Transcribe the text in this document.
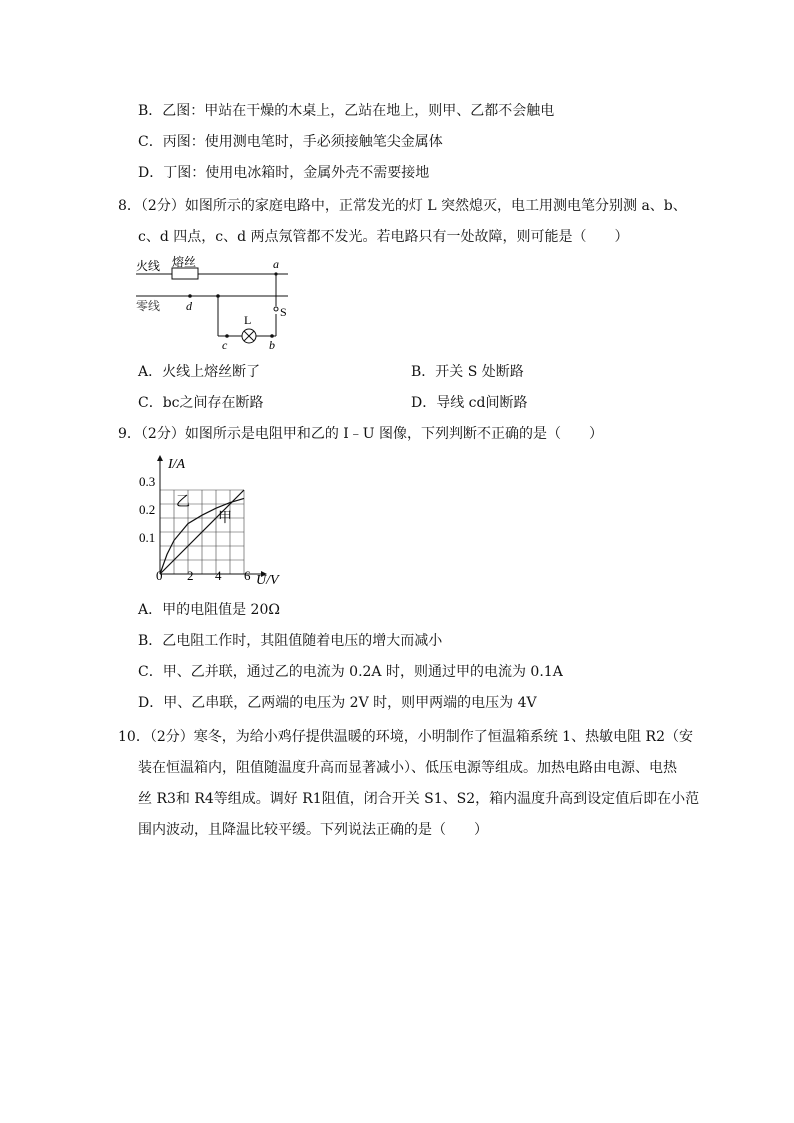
B．乙图：甲站在干燥的木桌上，乙站在地上，则甲、乙都不会触电
C．丙图：使用测电笔时，手必须接触笔尖金属体
D．丁图：使用电冰箱时，金属外壳不需要接地
8．（2分）如图所示的家庭电路中，正常发光的灯 L 突然熄灭，电工用测电笔分别测 a、b、
c、d 四点，c、d 两点氖管都不发光。若电路只有一处故障，则可能是（　　）
火线 熔丝
零线
a
S
d
c
L
b
A．火线上熔丝断了	B．开关 S 处断路
C．bc之间存在断路	D．导线 cd间断路
9．（2分）如图所示是电阻甲和乙的 I﹣U 图像，下列判断不正确的是（　　）
I/A
U/V
0 2 4 6
0.1
0.2
0.3
乙
甲
A．甲的电阻值是 20Ω
B．乙电阻工作时，其阻值随着电压的增大而减小
C．甲、乙并联，通过乙的电流为 0.2A 时，则通过甲的电流为 0.1A
D．甲、乙串联，乙两端的电压为 2V 时，则甲两端的电压为 4V
10．（2分）寒冬，为给小鸡仔提供温暖的环境，小明制作了恒温箱系统 1、热敏电阻 R2（安
装在恒温箱内，阻值随温度升高而显著减小）、低压电源等组成。加热电路由电源、电热
丝 R3和 R4等组成。调好 R1阻值，闭合开关 S1、S2，箱内温度升高到设定值后即在小范
围内波动，且降温比较平缓。下列说法正确的是（　　）
